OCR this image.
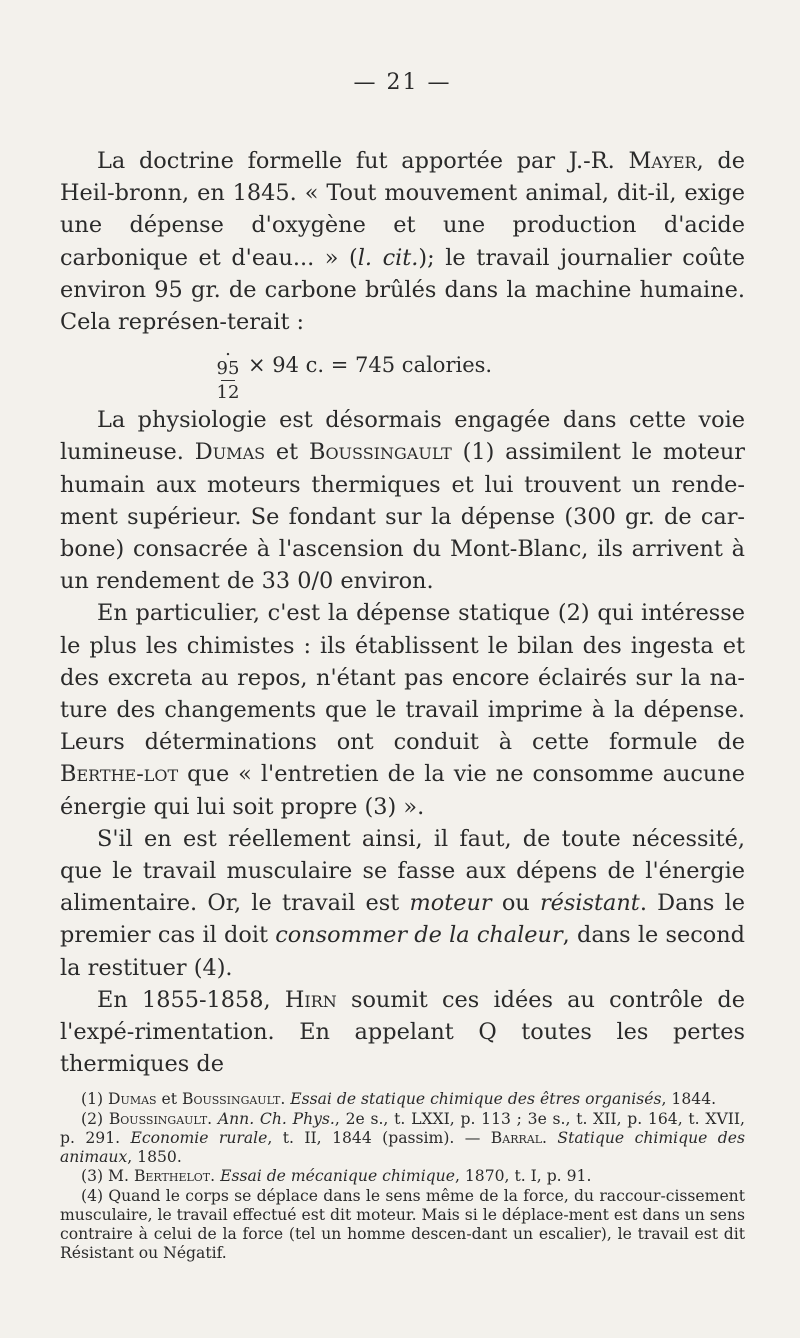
— 21 —

La doctrine formelle fut apportée par J.-R. Mayer, de Heil-bronn, en 1845. « Tout mouvement animal, dit-il, exige une dépense d'oxygène et une production d'acide carbonique et d'eau... » (l. cit.); le travail journalier coûte environ 95 gr. de carbone brûlés dans la machine humaine. Cela représen-terait :

. 95
12
× 94 c. = 745 calories.

La physiologie est désormais engagée dans cette voie lumineuse. Dumas et Boussingault (1) assimilent le moteur humain aux moteurs thermiques et lui trouvent un rende-ment supérieur. Se fondant sur la dépense (300 gr. de car-bone) consacrée à l'ascension du Mont-Blanc, ils arrivent à un rendement de 33 0/0 environ.

En particulier, c'est la dépense statique (2) qui intéresse le plus les chimistes : ils établissent le bilan des ingesta et des excreta au repos, n'étant pas encore éclairés sur la na-ture des changements que le travail imprime à la dépense. Leurs déterminations ont conduit à cette formule de Berthe-lot que « l'entretien de la vie ne consomme aucune énergie qui lui soit propre (3) ».

S'il en est réellement ainsi, il faut, de toute nécessité, que le travail musculaire se fasse aux dépens de l'énergie alimentaire. Or, le travail est moteur ou résistant. Dans le premier cas il doit consommer de la chaleur, dans le second la restituer (4).

En 1855-1858, Hirn soumit ces idées au contrôle de l'expé-rimentation. En appelant Q toutes les pertes thermiques de

(1) Dumas et Boussingault. Essai de statique chimique des êtres organisés, 1844.

(2) Boussingault. Ann. Ch. Phys., 2e s., t. LXXI, p. 113 ; 3e s., t. XII, p. 164, t. XVII, p. 291. Economie rurale, t. II, 1844 (passim). — Barral. Statique chimique des animaux, 1850.

(3) M. Berthelot. Essai de mécanique chimique, 1870, t. I, p. 91.

(4) Quand le corps se déplace dans le sens même de la force, du raccour-cissement musculaire, le travail effectué est dit moteur. Mais si le déplace-ment est dans un sens contraire à celui de la force (tel un homme descen-dant un escalier), le travail est dit Résistant ou Négatif.
